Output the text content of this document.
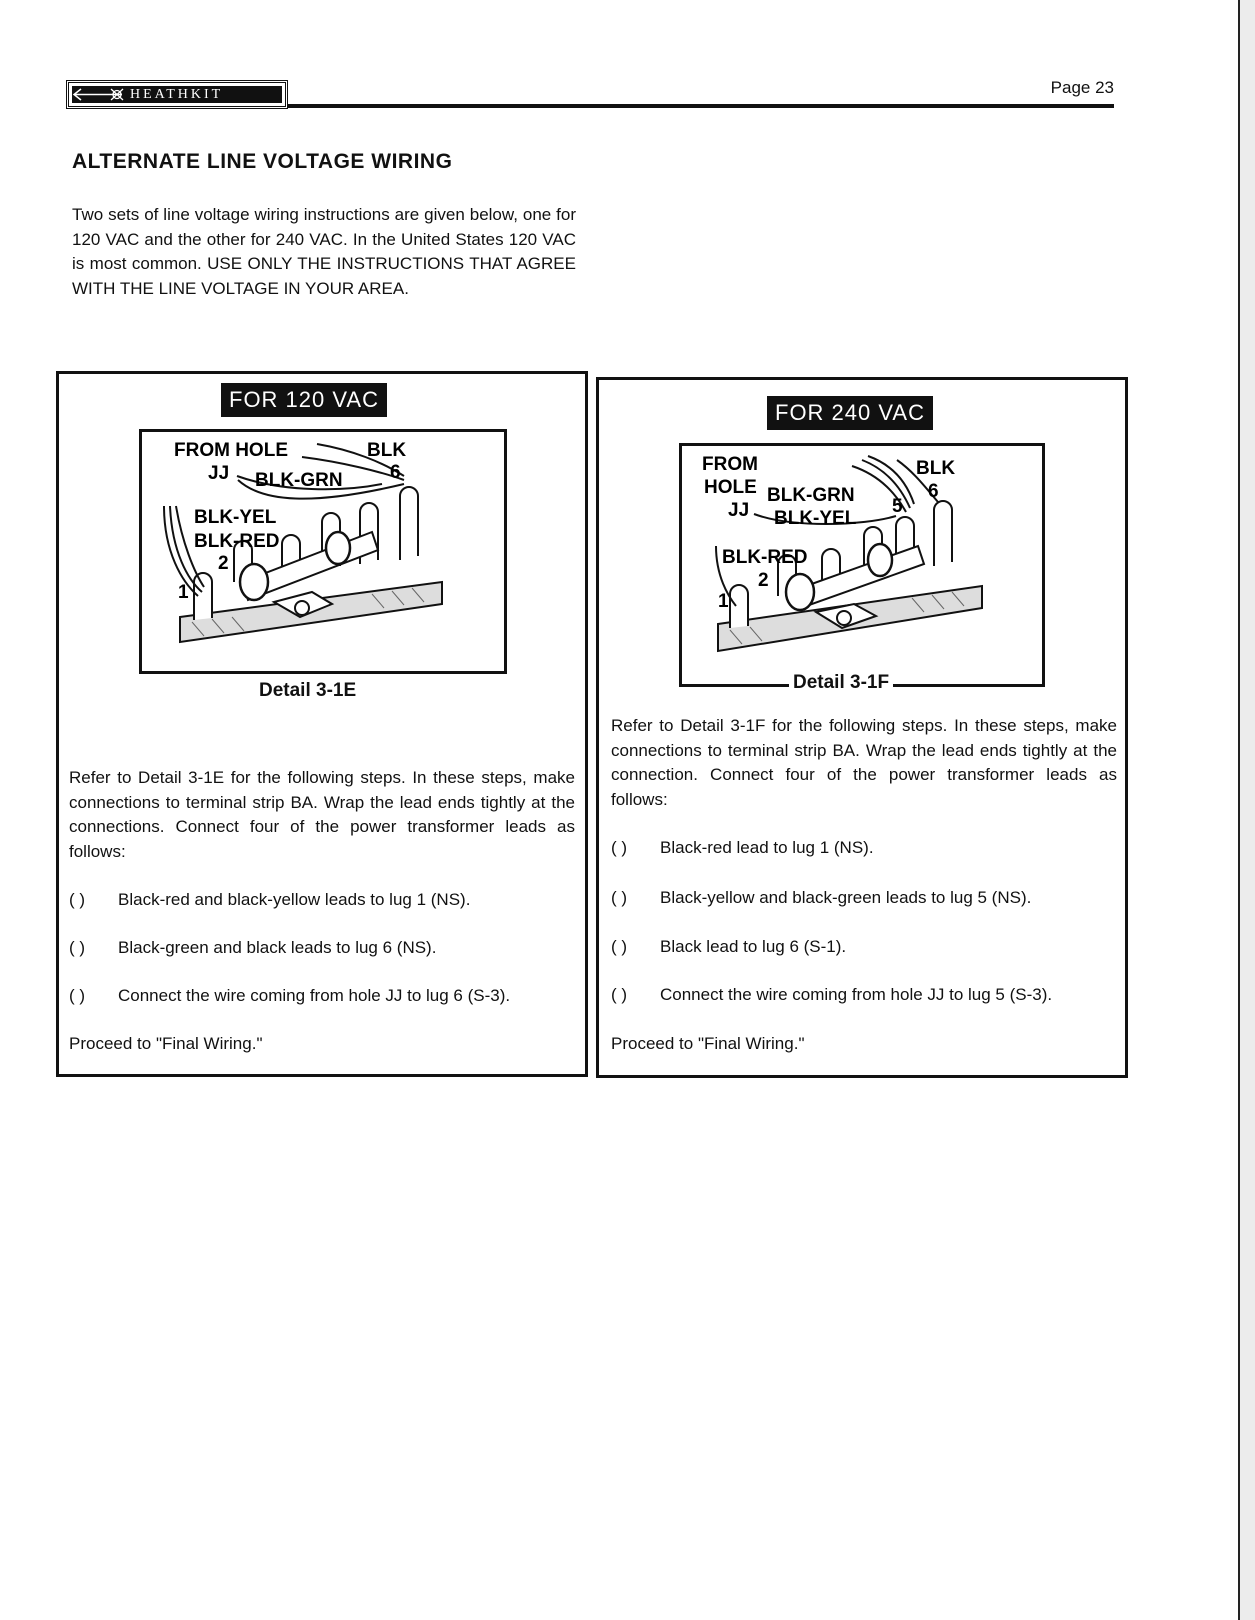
HEATHKIT	Page 23
ALTERNATE LINE VOLTAGE WIRING
Two sets of line voltage wiring instructions are given below, one for 120 VAC and the other for 240 VAC. In the United States 120 VAC is most common. USE ONLY THE INSTRUCTIONS THAT AGREE WITH THE LINE VOLTAGE IN YOUR AREA.
FOR 120 VAC
FROM HOLE	BLK
JJ BLK-GRN 6
BLK-YEL
BLK-RED
2
1
Detail 3-1E
Refer to Detail 3-1E for the following steps. In these steps, make connections to terminal strip BA. Wrap the lead ends tightly at the connections. Connect four of the power transformer leads as follows:
( )	Black-red and black-yellow leads to lug 1 (NS).
( )	Black-green and black leads to lug 6 (NS).
( )	Connect the wire coming from hole JJ to lug 6 (S-3).
Proceed to "Final Wiring."
FOR 240 VAC
FROM
HOLE
JJ
BLK-GRN
BLK-YEL
BLK
6
5
BLK-RED
2
1
Detail 3-1F
Refer to Detail 3-1F for the following steps. In these steps, make connections to terminal strip BA. Wrap the lead ends tightly at the connection. Connect four of the power transformer leads as follows:
( )	Black-red lead to lug 1 (NS).
( )	Black-yellow and black-green leads to lug 5 (NS).
( )	Black lead to lug 6 (S-1).
( )	Connect the wire coming from hole JJ to lug 5 (S-3).
Proceed to "Final Wiring."
